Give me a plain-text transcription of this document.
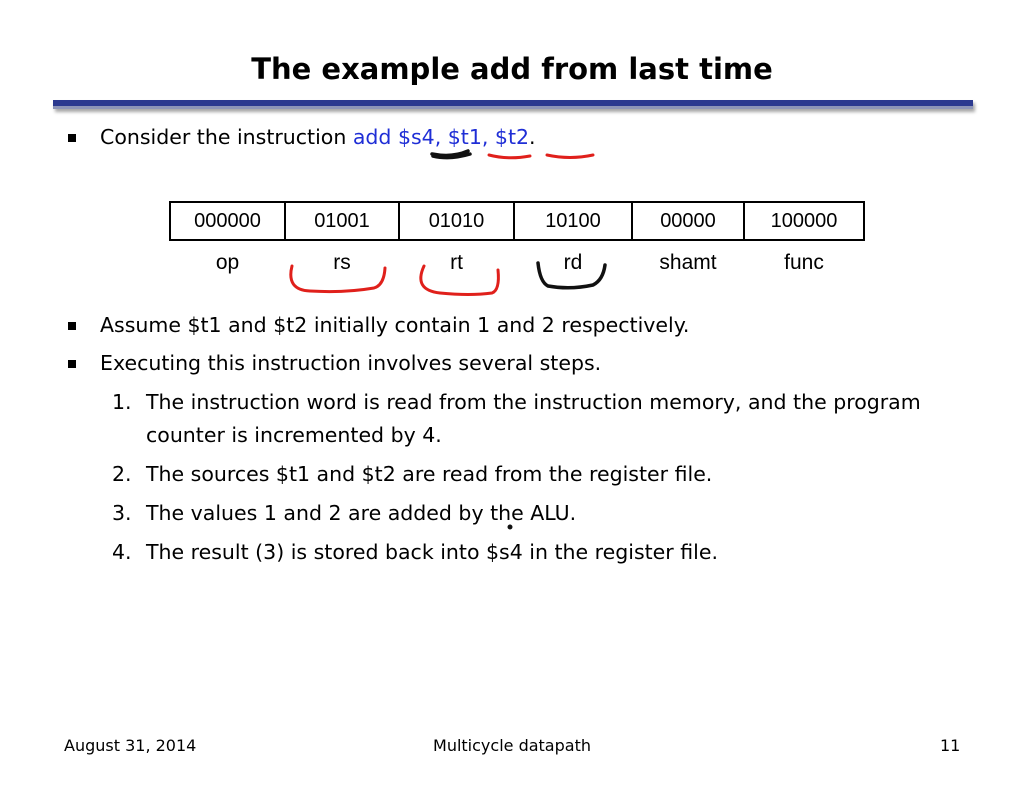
The example add from last time
Consider the instruction add $s4, $t1, $t2.
000000	01001	01010	10100	00000	100000
op	rs	rt	rd	shamt	func
Assume $t1 and $t2 initially contain 1 and 2 respectively.
Executing this instruction involves several steps.
1. The instruction word is read from the instruction memory, and the program counter is incremented by 4.
2. The sources $t1 and $t2 are read from the register file.
3. The values 1 and 2 are added by the ALU.
4. The result (3) is stored back into $s4 in the register file.
August 31, 2014	Multicycle datapath	11
